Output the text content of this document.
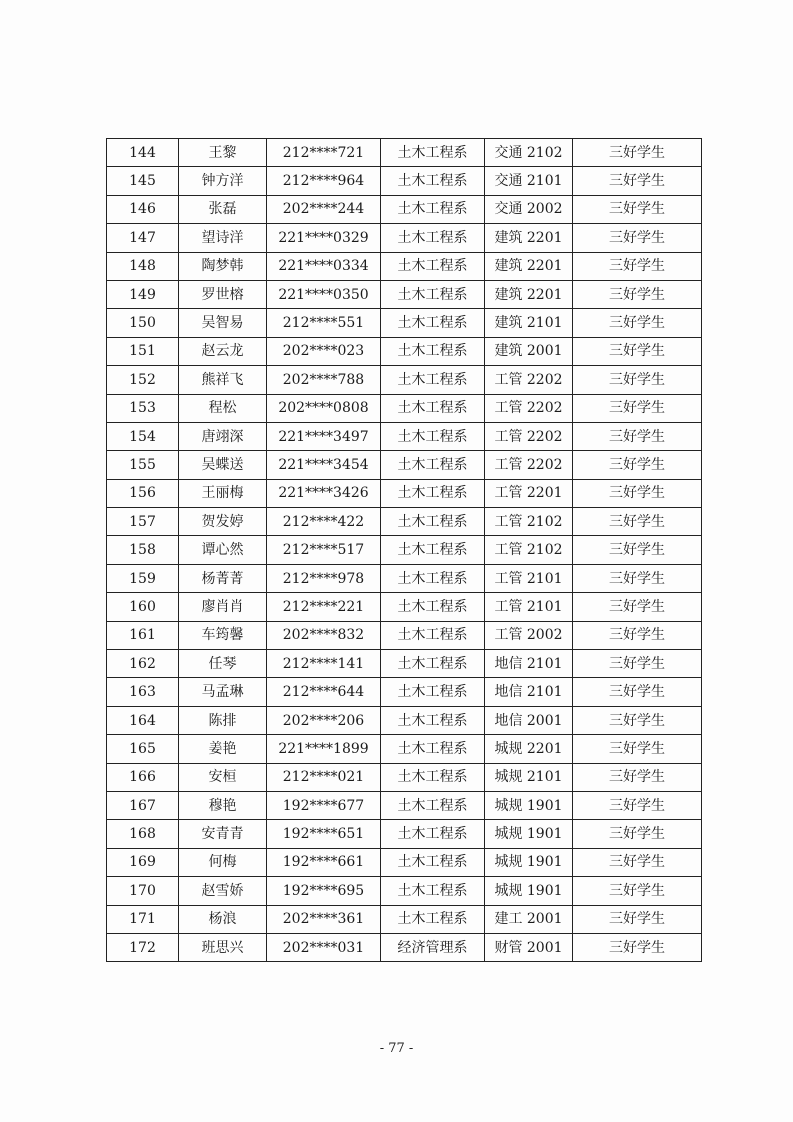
144	王黎	212****721	土木工程系	交通 2102	三好学生
145	钟方洋	212****964	土木工程系	交通 2101	三好学生
146	张磊	202****244	土木工程系	交通 2002	三好学生
147	望诗洋	221****0329	土木工程系	建筑 2201	三好学生
148	陶梦韩	221****0334	土木工程系	建筑 2201	三好学生
149	罗世榕	221****0350	土木工程系	建筑 2201	三好学生
150	吴智易	212****551	土木工程系	建筑 2101	三好学生
151	赵云龙	202****023	土木工程系	建筑 2001	三好学生
152	熊祥飞	202****788	土木工程系	工管 2202	三好学生
153	程松	202****0808	土木工程系	工管 2202	三好学生
154	唐翊深	221****3497	土木工程系	工管 2202	三好学生
155	吴蝶送	221****3454	土木工程系	工管 2202	三好学生
156	王丽梅	221****3426	土木工程系	工管 2201	三好学生
157	贺发婷	212****422	土木工程系	工管 2102	三好学生
158	谭心然	212****517	土木工程系	工管 2102	三好学生
159	杨菁菁	212****978	土木工程系	工管 2101	三好学生
160	廖肖肖	212****221	土木工程系	工管 2101	三好学生
161	车筠馨	202****832	土木工程系	工管 2002	三好学生
162	任琴	212****141	土木工程系	地信 2101	三好学生
163	马孟琳	212****644	土木工程系	地信 2101	三好学生
164	陈排	202****206	土木工程系	地信 2001	三好学生
165	姜艳	221****1899	土木工程系	城规 2201	三好学生
166	安桓	212****021	土木工程系	城规 2101	三好学生
167	穆艳	192****677	土木工程系	城规 1901	三好学生
168	安青青	192****651	土木工程系	城规 1901	三好学生
169	何梅	192****661	土木工程系	城规 1901	三好学生
170	赵雪娇	192****695	土木工程系	城规 1901	三好学生
171	杨浪	202****361	土木工程系	建工 2001	三好学生
172	班思兴	202****031	经济管理系	财管 2001	三好学生
- 77 -
